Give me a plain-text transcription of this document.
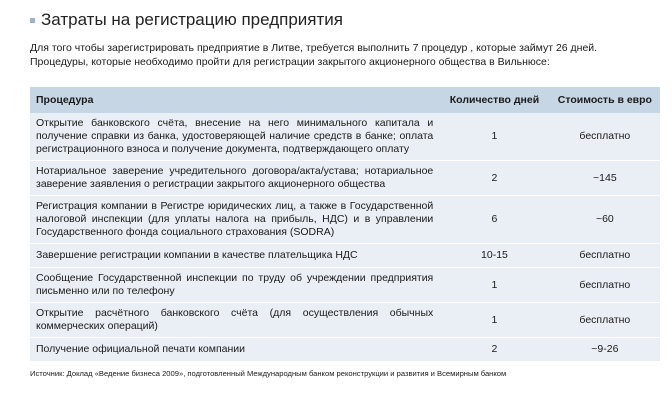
Затраты на регистрацию предприятия
Для того чтобы зарегистрировать предприятие в Литве, требуется выполнить 7 процедур , которые займут 26 дней.
Процедуры, которые необходимо пройти для регистрации закрытого акционерного общества в Вильнюсе:
Процедура	Количество дней	Стоимость в евро
Открытие банковского счёта, внесение на него минимального капитала и получение справки из банка, удостоверяющей наличие средств в банке; оплата регистрационного взноса и получение документа, подтверждающего оплату	1	бесплатно
Нотариальное заверение учредительного договора/акта/устава; нотариальное заверение заявления о регистрации закрытого акционерного общества	2	~145
Регистрация компании в Регистре юридических лиц, а также в Государственной налоговой инспекции (для уплаты налога на прибыль, НДС) и в управлении Государственного фонда социального страхования (SODRA)	6	~60
Завершение регистрации компании в качестве плательщика НДС	10-15	бесплатно
Сообщение Государственной инспекции по труду об учреждении предприятия письменно или по телефону	1	бесплатно
Открытие расчётного банковского счёта (для осуществления обычных коммерческих операций)	1	бесплатно
Получение официальной печати компании	2	~9-26
Источник: Доклад «Ведение бизнеса 2009», подготовленный Международным банком реконструкции и развития и Всемирным банком
